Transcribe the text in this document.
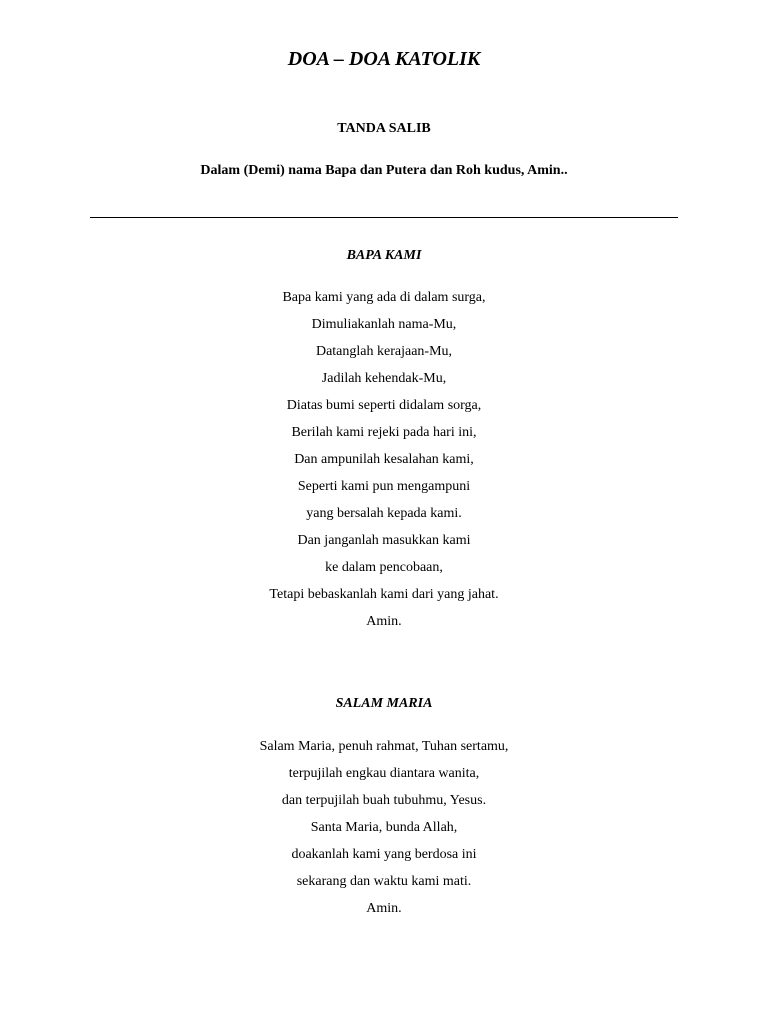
DOA – DOA KATOLIK
TANDA SALIB
Dalam (Demi) nama Bapa dan Putera dan Roh kudus, Amin..
BAPA KAMI
Bapa kami yang ada di dalam surga,
Dimuliakanlah nama-Mu,
Datanglah kerajaan-Mu,
Jadilah kehendak-Mu,
Diatas bumi seperti didalam sorga,
Berilah kami rejeki pada hari ini,
Dan ampunilah kesalahan kami,
Seperti kami pun mengampuni
yang bersalah kepada kami.
Dan janganlah masukkan kami
ke dalam pencobaan,
Tetapi bebaskanlah kami dari yang jahat.
Amin.
SALAM MARIA
Salam Maria, penuh rahmat, Tuhan sertamu,
terpujilah engkau diantara wanita,
dan terpujilah buah tubuhmu, Yesus.
Santa Maria, bunda Allah,
doakanlah kami yang berdosa ini
sekarang dan waktu kami mati.
Amin.
